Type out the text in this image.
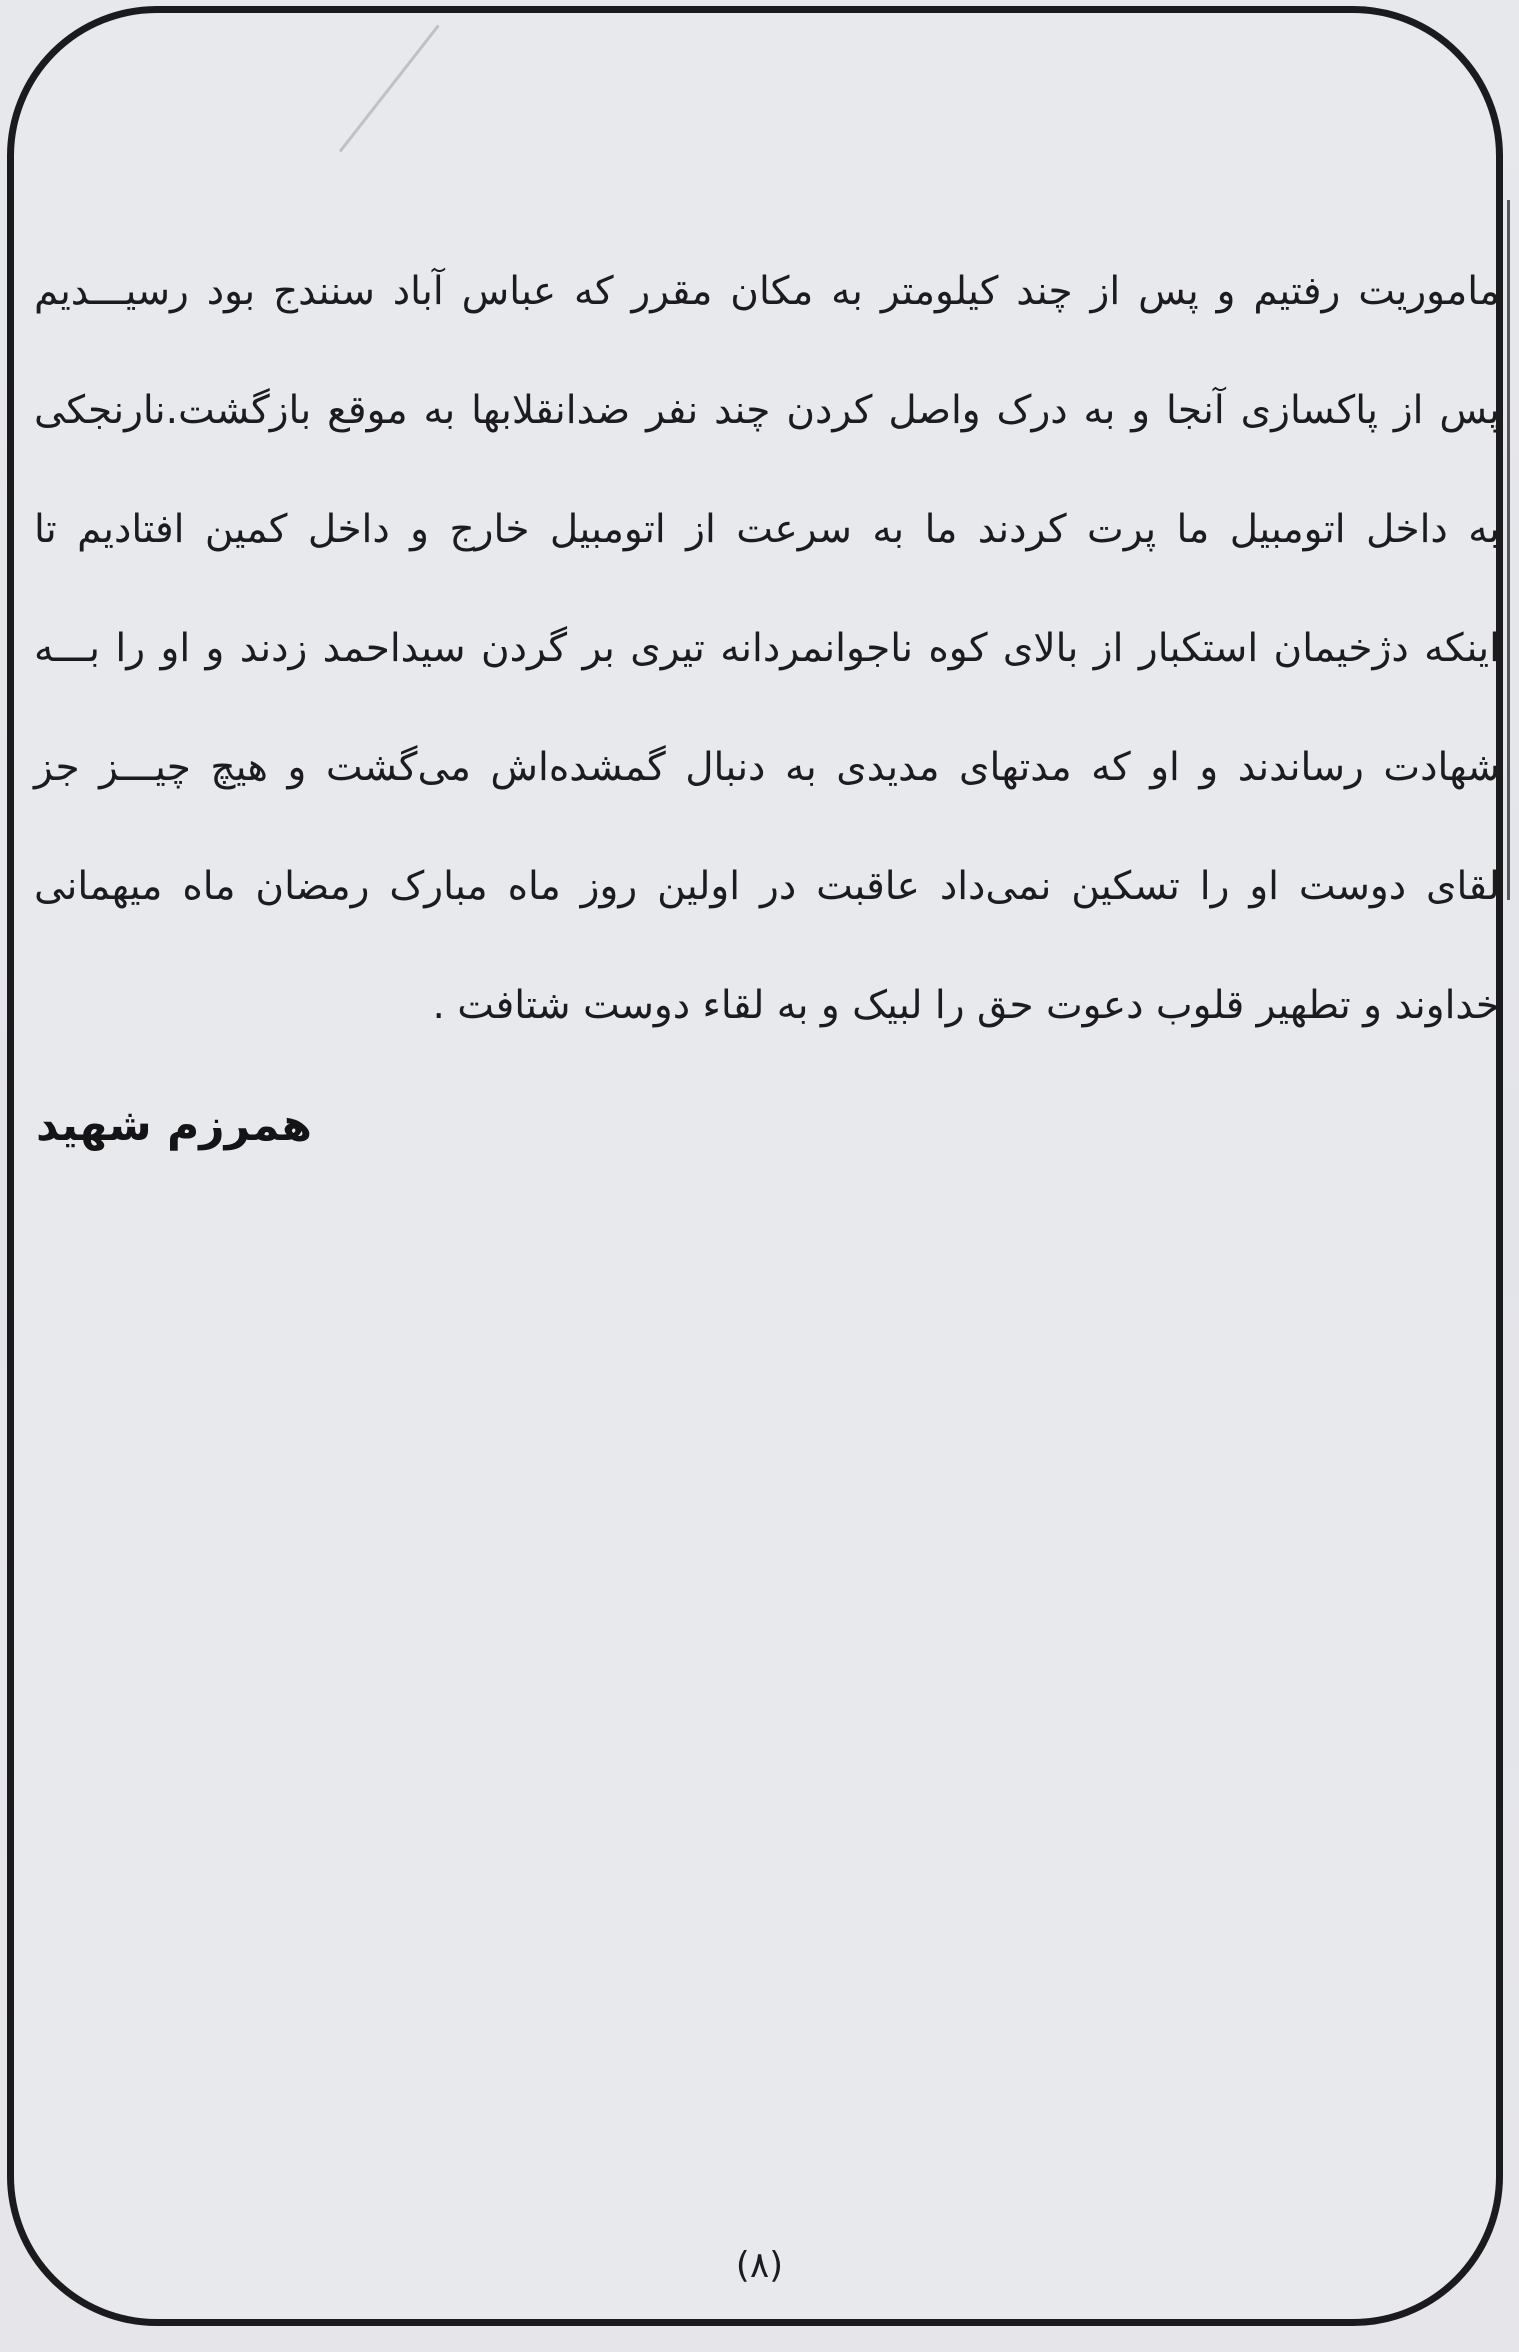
ماموریت رفتیم و پس از چند کیلومتر به مکان مقرر که عباس آباد سنندج بود رسیـــدیم
پس از پاکسازی آنجا و به درک واصل کردن چند نفر ضدانقلابها به موقع بازگشت.نارنجکی
به داخل اتومبیل ما پرت کردند ما به سرعت از اتومبیل خارج و داخل کمین افتادیم تا
اینکه دژخیمان استکبار از بالای کوه ناجوانمردانه تیری بر گردن سیداحمد زدند و او را بـــه
شهادت رساندند و او که مدتهای مدیدی به دنبال گمشده‌اش می‌گشت و هیچ چیـــز جز
لقای دوست او را تسکین نمی‌داد عاقبت در اولین روز ماه مبارک رمضان ماه میهمانی
خداوند و تطهیر قلوب دعوت حق را لبیک و به لقاء دوست شتافت .
همرزم شهید
(۸)
